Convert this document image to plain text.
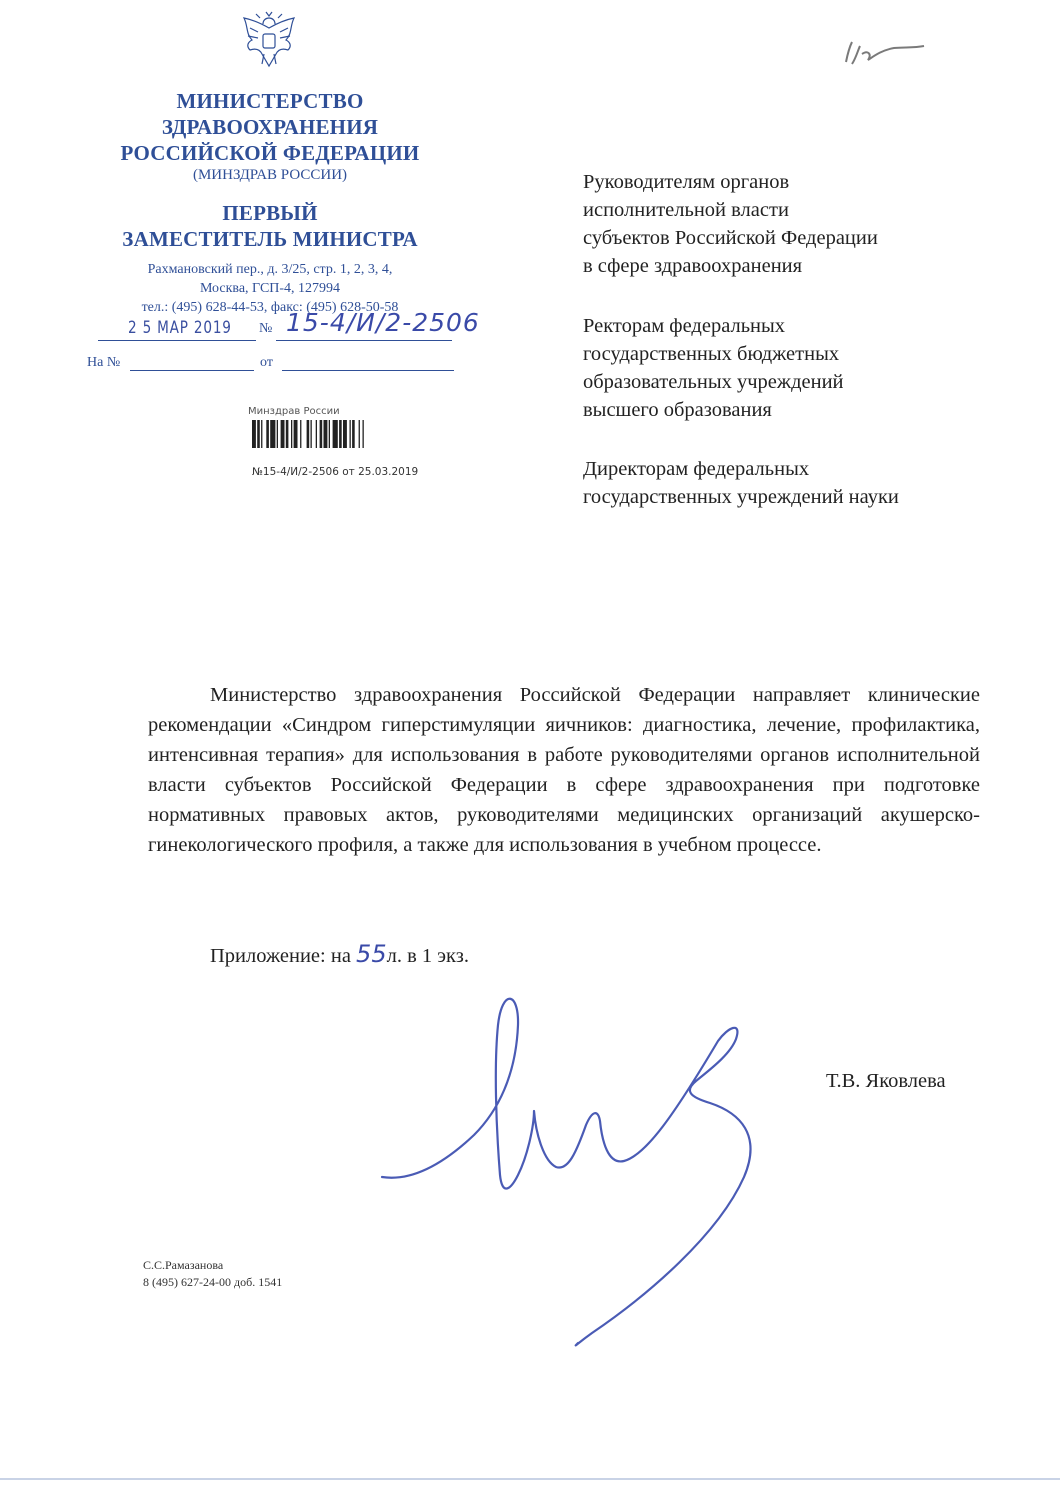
МИНИСТЕРСТВО
ЗДРАВООХРАНЕНИЯ
РОССИЙСКОЙ ФЕДЕРАЦИИ
(МИНЗДРАВ РОССИИ)
ПЕРВЫЙ
ЗАМЕСТИТЕЛЬ МИНИСТРА
Рахмановский пер., д. 3/25, стр. 1, 2, 3, 4,
Москва, ГСП-4, 127994
тел.: (495) 628-44-53, факс: (495) 628-50-58
2 5 МАР 2019 № 15-4/И/2-2506
На №	от
Минздрав России
№15-4/И/2-2506 от 25.03.2019
Руководителям органов
исполнительной власти
субъектов Российской Федерации
в сфере здравоохранения
Ректорам федеральных
государственных бюджетных
образовательных учреждений
высшего образования
Директорам федеральных
государственных учреждений науки
Министерство здравоохранения Российской Федерации направляет клинические рекомендации «Синдром гиперстимуляции яичников: диагностика, лечение, профилактика, интенсивная терапия» для использования в работе руководителями органов исполнительной власти субъектов Российской Федерации в сфере здравоохранения при подготовке нормативных правовых актов, руководителями медицинских организаций акушерско-гинекологического профиля, а также для использования в учебном процессе.
Приложение: на 55л. в 1 экз.
Т.В. Яковлева
С.С.Рамазанова
8 (495) 627-24-00 доб. 1541
